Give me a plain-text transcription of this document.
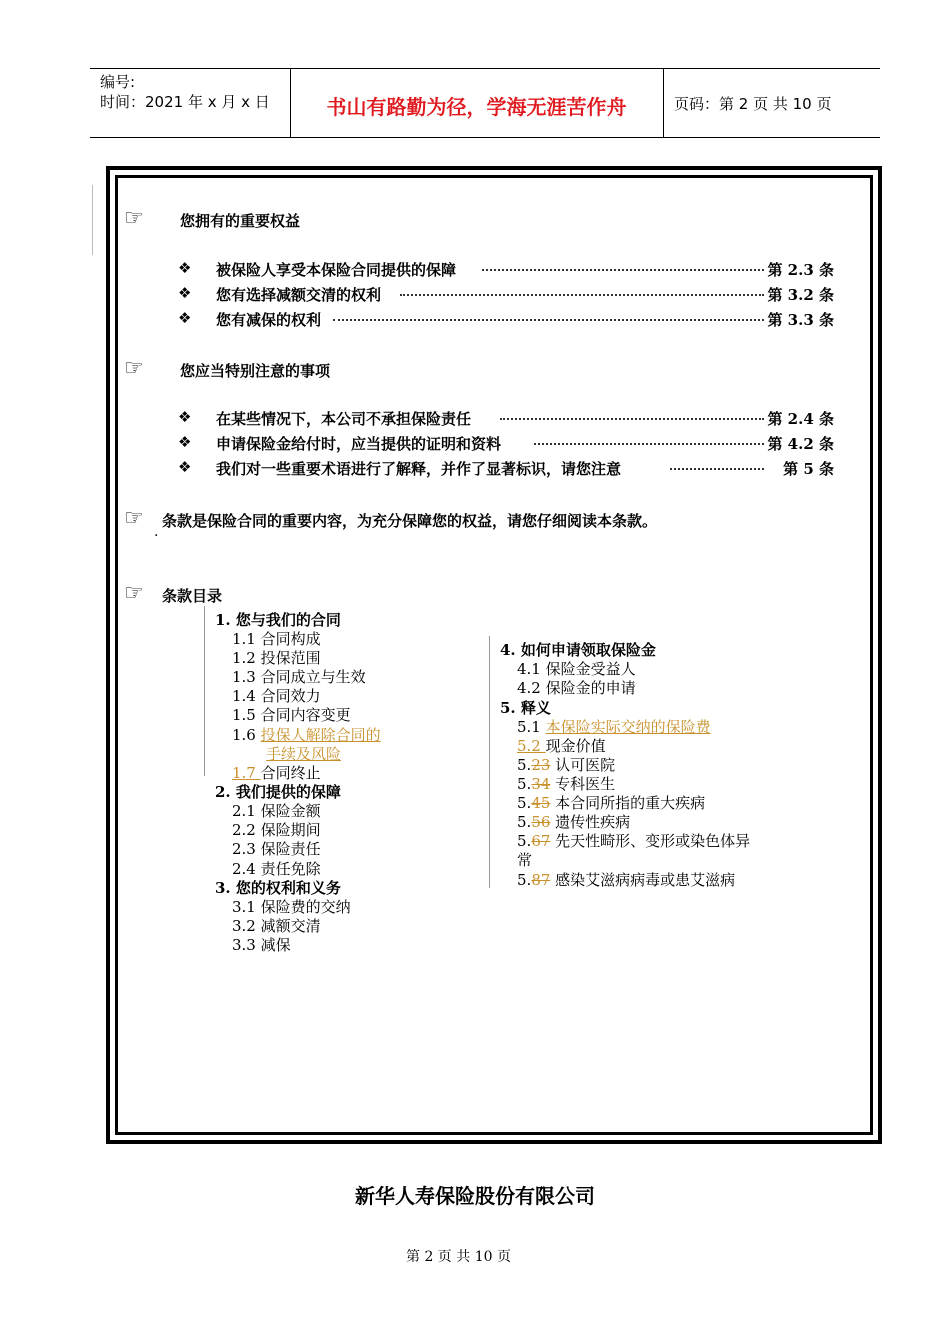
编号:
时间：2021 年 x 月 x 日	书山有路勤为径，学海无涯苦作舟	页码：第 2 页 共 10 页
☞	您拥有的重要权益
❖ 被保险人享受本保险合同提供的保障	第 2.3 条
❖ 您有选择减额交清的权利	第 3.2 条
❖ 您有减保的权利	第 3.3 条
☞	您应当特别注意的事项
❖ 在某些情况下，本公司不承担保险责任	第 2.4 条
❖ 申请保险金给付时，应当提供的证明和资料	第 4.2 条
❖ 我们对一些重要术语进行了解释，并作了显著标识，请您注意	第 5 条
☞	条款是保险合同的重要内容，为充分保障您的权益，请您仔细阅读本条款。
·
☞	条款目录
1. 您与我们的合同
1.1 合同构成
1.2 投保范围
1.3 合同成立与生效
1.4 合同效力
1.5 合同内容变更
1.6 投保人解除合同的
手续及风险
1.7 合同终止
2. 我们提供的保障
2.1 保险金额
2.2 保险期间
2.3 保险责任
2.4 责任免除
3. 您的权利和义务
3.1 保险费的交纳
3.2 减额交清
3.3 减保
4. 如何申请领取保险金
4.1 保险金受益人
4.2 保险金的申请
5. 释义
5.1 本保险实际交纳的保险费
5.2 现金价值
5.23 认可医院
5.34 专科医生
5.45 本合同所指的重大疾病
5.56 遗传性疾病
5.67 先天性畸形、变形或染色体异
常
5.87 感染艾滋病病毒或患艾滋病
新华人寿保险股份有限公司
第 2 页 共 10 页
